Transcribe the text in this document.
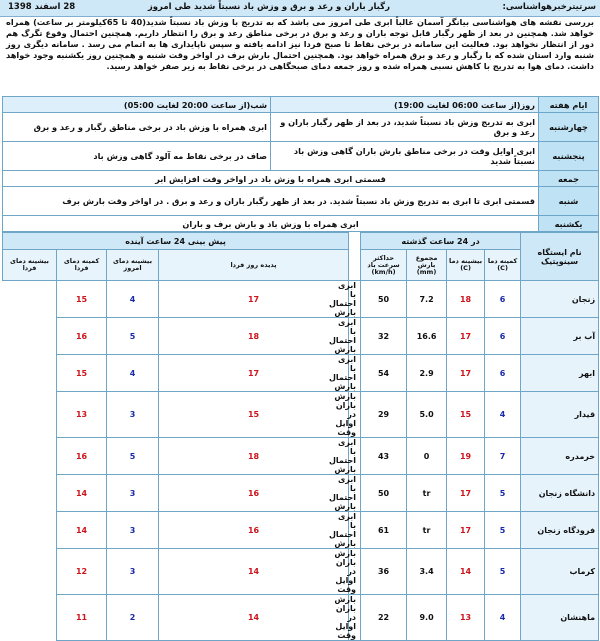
سرتیترخبرهواشناسی:
رگبار باران و رعد و برق و وزش باد نسبتاً شدید طی امروز
28 اسفند 1398
بررسی نقشه های هواشناسی بیانگر آسمان غالباً ابری طی امروز می باشد که به تدریج با وزش باد نسبتاً شدید(40 تا 65کیلومتر بر ساعت) همراه خواهد شد. همچنین در بعد از ظهر رگبار قابل توجه باران و رعد و برق در برخی مناطق رعد و برق را انتظار داریم. همچنین احتمال وقوع تگرگ هم دور از انتظار نخواهد بود. فعالیت این سامانه در برخی نقاط تا صبح فردا نیز ادامه یافته و سپس ناپایداری ها به اتمام می رسد . سامانه دیگری روز شنبه وارد استان شده که با رگبار و رعد و برق همراه خواهد بود. همچنین احتمال بارش برف در اواخر وقت شنبه و همچنین روز یکشنبه وجود خواهد داشت. دمای هوا به تدریج با کاهش نسبی همراه شده و روز جمعه دمای صبحگاهی در برخی نقاط به زیر صفر خواهد رسید.
ایام هفته	روز(از ساعت 06:00 لغایت 19:00)	شب(از ساعت 20:00 لغایت 05:00)
چهارشنبه	ابری به تدریج وزش باد نسبتاً شدید، در بعد از ظهر رگبار باران و رعد و برق	ابری همراه با وزش باد در برخی مناطق رگبار و رعد و برق
پنجشنبه	ابری اوایل وقت در برخی مناطق بارش باران گاهی وزش باد نسبتاً شدید	صاف در برخی نقاط مه آلود گاهی وزش باد
جمعه	قسمتی ابری همراه با وزش باد در اواخر وقت افزایش ابر	
شنبه	قسمتی ابری تا ابری به تدریج وزش باد نسبتاً شدید. در بعد از ظهر رگبار باران و رعد و برق . در اواخر وقت بارش برف	
یکشنبه	ابری همراه با وزش باد و بارش برف و باران	
نام ایستگاه سینوپتیک	در 24 ساعت گذشته					پیش بینی 24 ساعت آینده			
	کمینه دما (C)	بیشینه دما (C)	مجموع بارش (mm)	حداکثر سرعت باد (km/h)		پدیده روز فردا	بیشینه دمای امروز	کمینه دمای فردا	بیشینه دمای فردا
زنجان	6	18	7.2	50	ابری با احتمال بارش	17	4	15	
آب بر	6	17	16.6	32	ابری با احتمال بارش	18	5	16	
ابهر	6	17	2.9	54	ابری با احتمال بارش	17	4	15	
قیدار	4	15	5.0	29	بارش باران در اوایل وقت	15	3	13	
خرمدره	7	19	0	43	ابری با احتمال بارش	18	5	16	
دانشگاه زنجان	5	17	tr	50	ابری با احتمال بارش	16	3	14	
فرودگاه زنجان	5	17	tr	61	ابری با احتمال بارش	16	3	14	
کرماب	5	14	3.4	36	بارش باران در اوایل وقت	14	3	12	
ماهنشان	4	13	9.0	22	بارش باران در اوایل وقت	14	2	11	
